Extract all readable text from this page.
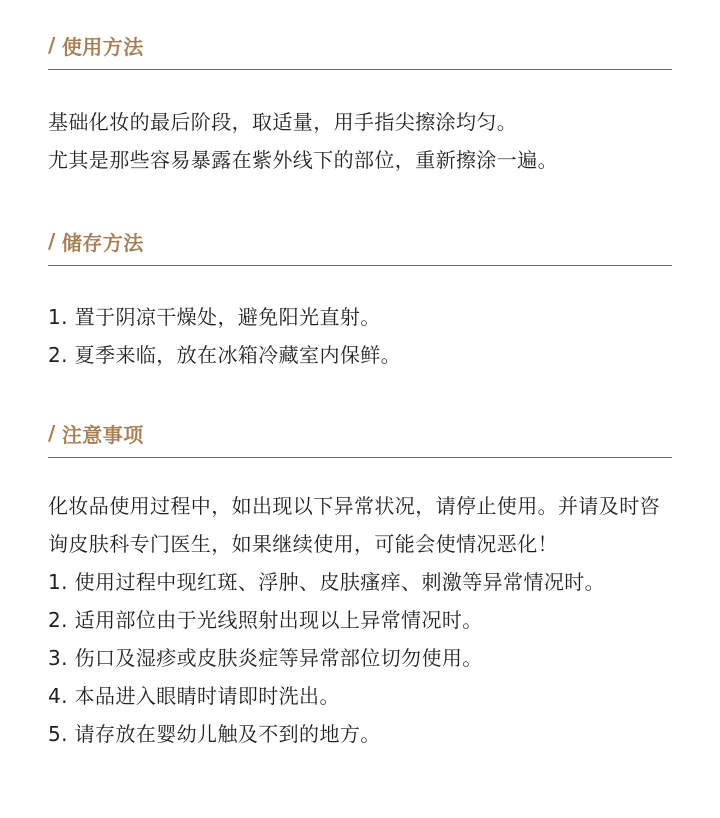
/ 使用方法
基础化妆的最后阶段，取适量，用手指尖擦涂均匀。
尤其是那些容易暴露在紫外线下的部位，重新擦涂一遍。
/ 储存方法
1. 置于阴凉干燥处，避免阳光直射。
2. 夏季来临，放在冰箱冷藏室内保鲜。
/ 注意事项
化妆品使用过程中，如出现以下异常状况，请停止使用。并请及时咨询皮肤科专门医生，如果继续使用，可能会使情况恶化！
1. 使用过程中现红斑、浮肿、皮肤瘙痒、刺激等异常情况时。
2. 适用部位由于光线照射出现以上异常情况时。
3. 伤口及湿疹或皮肤炎症等异常部位切勿使用。
4. 本品进入眼睛时请即时洗出。
5. 请存放在婴幼儿触及不到的地方。
